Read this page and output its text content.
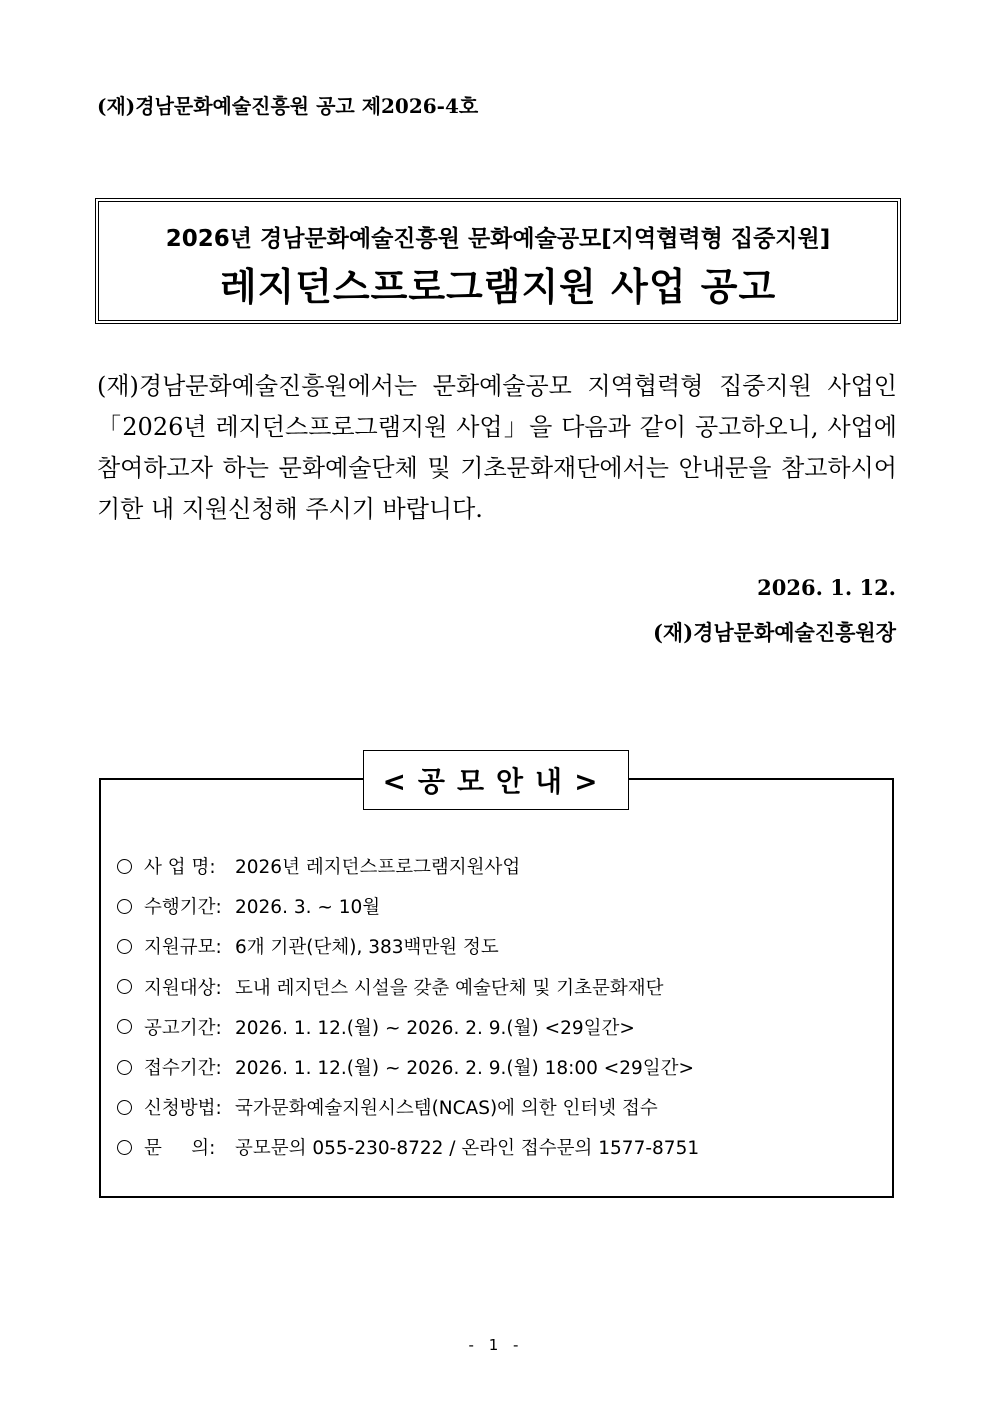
(재)경남문화예술진흥원 공고 제2026-4호
2026년 경남문화예술진흥원 문화예술공모[지역협력형 집중지원]
레지던스프로그램지원 사업 공고
(재)경남문화예술진흥원에서는 문화예술공모 지역협력형 집중지원 사업인 「2026년 레지던스프로그램지원 사업」을 다음과 같이 공고하오니, 사업에 참여하고자 하는 문화예술단체 및 기초문화재단에서는 안내문을 참고하시어 기한 내 지원신청해 주시기 바랍니다.
2026. 1. 12.
(재)경남문화예술진흥원장
<공모안내>
사 업 명:	2026년 레지던스프로그램지원사업
수행기간: 2026. 3. ~ 10월
지원규모: 6개 기관(단체), 383백만원 정도
지원대상: 도내 레지던스 시설을 갖춘 예술단체 및 기초문화재단
공고기간: 2026. 1. 12.(월) ~ 2026. 2. 9.(월) <29일간>
접수기간: 2026. 1. 12.(월) ~ 2026. 2. 9.(월) 18:00 <29일간>
신청방법: 국가문화예술지원시스템(NCAS)에 의한 인터넷 접수
문     의:	공모문의 055-230-8722 / 온라인 접수문의 1577-8751
- 1 -
